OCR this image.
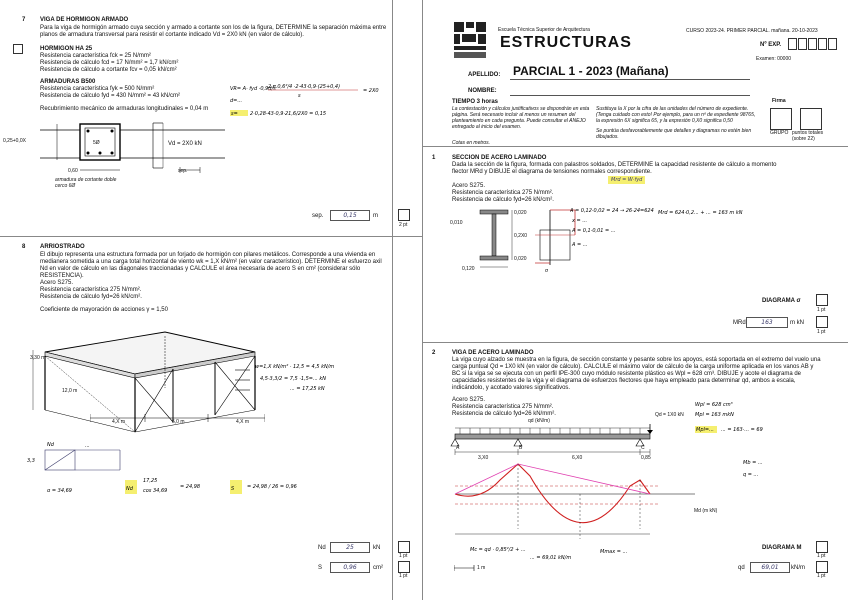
7 VIGA DE HORMIGON ARMADO
Para la viga de hormigón armado cuya sección y armado a cortante son los de la figura, DETERMINE la separación máxima entre planos de armadura transversal para resistir el cortante indicado Vd = 2X0 kN (en valor de cálculo).
HORMIGON HA 25
Resistencia característica fck = 25 N/mm²
Resistencia de cálculo fcd = 17 N/mm² = 1,7 kN/cm²
Resistencia de cálculo a cortante fcv = 0,05 kN/cm²
ARMADURAS B500
Resistencia característica fyk = 500 N/mm²
Resistencia de cálculo fyd = 430 N/mm² = 43 kN/cm²
Recubrimiento mecánico de armaduras longitudinales = 0,04 m
VR= A· fyd ·0,9d/s
2.π.0,6²/4 ·2·43·0,9·(25+0,4)
s
= 2X0
s= 2·0,28·43·0,9·21,6/2X0 = 0,15
d=...
0,25+0,0X
0,60
5Ø	Vd = 2X0 kN
armadura de cortante doble cerco 6Ø
sep.
sep.	0,15	m
2 pt
8 ARRIOSTRADO
El dibujo representa una estructura formada por un forjado de hormigón con pilares metálicos. Corresponde a una vivienda en medianera sometida a una carga total horizontal de viento wk = 1,X kN/m² (en valor característico). DETERMINE el esfuerzo axil Nd en valor de cálculo en las diagonales traccionadas y CALCULE el área necesaria de acero S en cm² (considerar sólo RESISTENCIA).
Acero S275.
Resistencia característica 275 N/mm².
Resistencia de cálculo fyd=26 kN/cm².
Coeficiente de mayoración de acciones γ = 1,50
3,30 m
12,0 m
4,X m	5,0 m	4,X m
w=1,X kN/m² · 12,5 = 4,5 kN/m
4,5·3,3/2 = 7,5 ·1,5=... kN
... = 17,25 kN
3,3
Nd	...
α = 34,69	Nd
17,25
cos 34,69
= 24,98	S	= 24,98 / 26 = 0,96
Nd	25	kN
1 pt
S	0,96	cm²
1 pt
Escuela Técnica Superior de Arquitectura
ESTRUCTURAS
CURSO 2023-24. PRIMER PARCIAL. mañana. 20-10-2023
Nº EXP.
Examen: 00000
PARCIAL 1 - 2023 (Mañana)
APELLIDO:
NOMBRE:
TIEMPO 3 horas
La contestación y cálculos justificativos se dispondrán en esta página. Será necesario incluir al menos un resumen del planteamiento en cada pregunta. Puede consultar el ANEJO entregado al inicio del examen.
Sustituya la X por la cifra de las unidades del número de expediente. (Tenga cuidado con esto! Por ejemplo, para un nº de expediente 98765, la expresión 6X significa 65, y la expresión 0,X0 significa 0,50
Se puntúa desfavorablemente que detalles y diagramas no estén bien dibujados.
Cotas en metros.
Firma
GRUPO puntos totales (sobre 22)
1	SECCION DE ACERO LAMINADO
Dada la sección de la figura, formada con palastros soldados, DETERMINE la capacidad resistente de cálculo a momento flector MRd y DIBUJE el diagrama de tensiones normales correspondiente.
Acero S275.
Resistencia característica 275 N/mm².
Resistencia de cálculo fyd=26 kN/cm².
Mrd = W·fyd
0,020
0,010
0,2X0
0,020
0,120	σ
A = 0,12·0,02 = 24 → 26·24=624
x = ...
A = 0,1·0,01 = ...
A = ...
Mrd = 624·0,2... + ... = 163 m kN
DIAGRAMA σ
1 pt
MRd	163	m kN
1 pt
2	VIGA DE ACERO LAMINADO
La viga cuyo alzado se muestra en la figura, de sección constante y pesante sobre los apoyos, está soportada en el extremo del vuelo una carga puntual Qd = 1X0 kN (en valor de cálculo). CALCULE el máximo valor de cálculo de la carga uniforme aplicada en los vanos AB y BC si la viga se se ejecuta con un perfil IPE-300 cuyo módulo resistente plástico es Wpl = 628 cm³. DIBUJE y acote el diagrama de capacidades resistentes de la viga y el diagrama de esfuerzos flectores que haya empleado para determinar qd, ambos a escala, indicándolo, y acotado valores significativos.
Acero S275.
Resistencia característica 275 N/mm².
Resistencia de cálculo fyd=26 kN/mm².
qd (kN/m)
Qd = 1X0 kN
A	B	C
3,X0	6,X0	0,85
Md (m kN)
Wpl = 628 cm³
Mpl = 163 mkN
Mpl=... ... = 163·... = 69
Mb = ...
q = ...
Mc = qd · 0,85²/2 + ...
... = 69,01 kN/m
Mmax = ...
DIAGRAMA M
1 pt
qd	69,01	kN/m
1 pt
1 m
